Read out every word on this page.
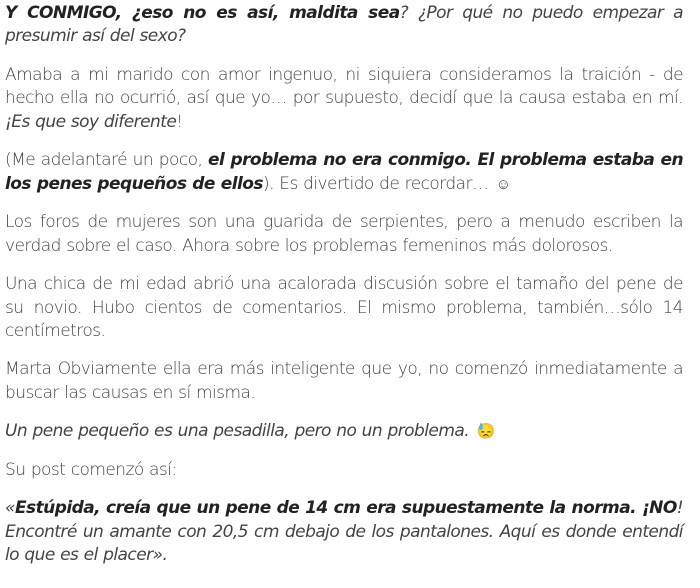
Y CONMIGO, ¿eso no es así, maldita sea? ¿Por qué no puedo empezar a presumir así del sexo?

Amaba a mi marido con amor ingenuo, ni siquiera consideramos la traición - de hecho ella no ocurrió, así que yo… por supuesto, decidí que la causa estaba en mí. ¡Es que soy diferente!

(Me adelantaré un poco, el problema no era conmigo. El problema estaba en los penes pequeños de ellos). Es divertido de recordar… ☺

Los foros de mujeres son una guarida de serpientes, pero a menudo escriben la verdad sobre el caso. Ahora sobre los problemas femeninos más dolorosos.

Una chica de mi edad abrió una acalorada discusión sobre el tamaño del pene de su novio. Hubo cientos de comentarios. El mismo problema, también…sólo 14 centímetros.

Marta Obviamente ella era más inteligente que yo, no comenzó inmediatamente a buscar las causas en sí misma.

Un pene pequeño es una pesadilla, pero no un problema. 😓

Su post comenzó así:

«Estúpida, creía que un pene de 14 cm era supuestamente la norma. ¡NO! Encontré un amante con 20,5 cm debajo de los pantalones. Aquí es donde entendí lo que es el placer».
